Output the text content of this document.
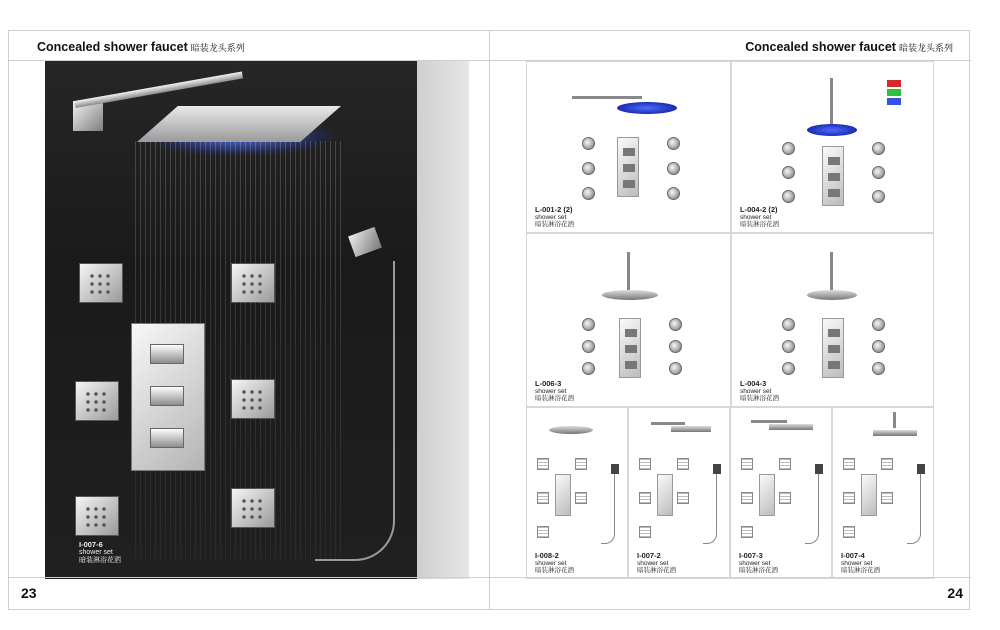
Concealed shower faucet 暗装龙头系列
I-007-6
shower set
暗装淋浴花洒
23
Concealed shower faucet 暗装龙头系列
L-001-2 (2)
shower set
暗装淋浴花洒
L-004-2 (2)
shower set
暗装淋浴花洒
L-006-3
shower set
暗装淋浴花洒
L-004-3
shower set
暗装淋浴花洒
I-008-2
shower set
暗装淋浴花洒
I-007-2
shower set
暗装淋浴花洒
I-007-3
shower set
暗装淋浴花洒
I-007-4
shower set
暗装淋浴花洒
24
